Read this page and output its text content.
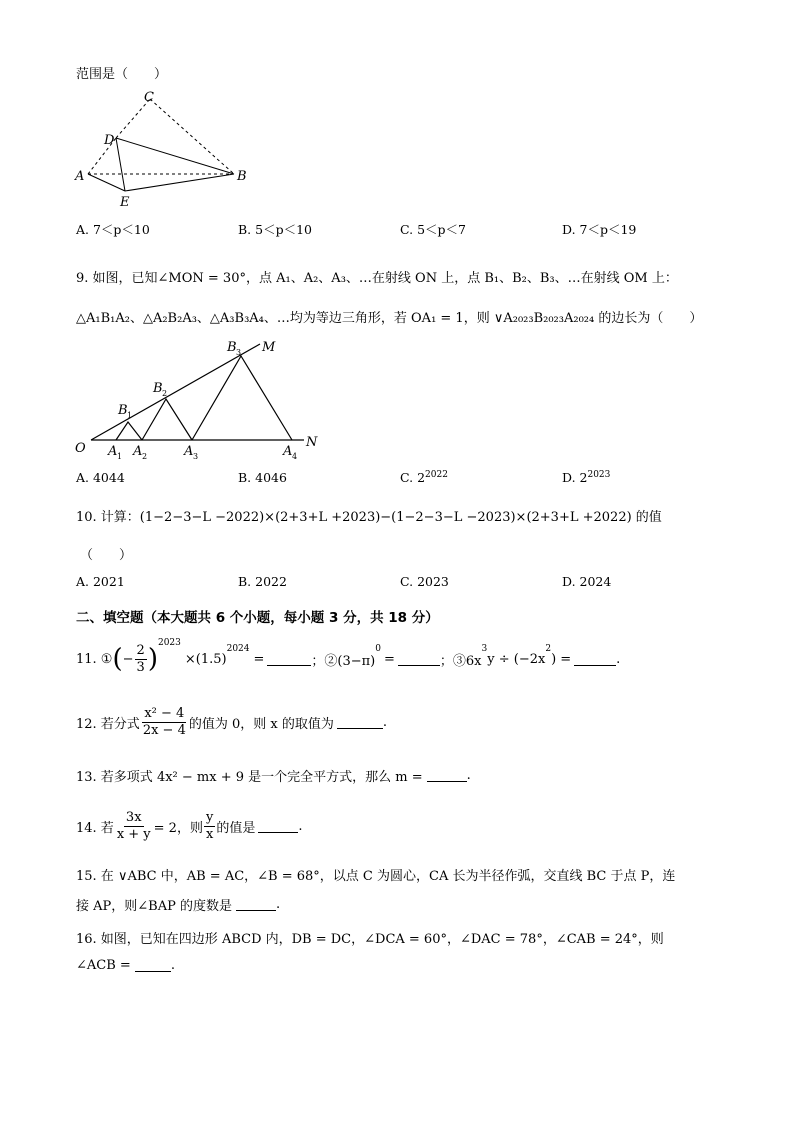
范围是（　　）
C
D
A
E
B
A. 7＜p＜10	B. 5＜p＜10	C. 5＜p＜7	D. 7＜p＜19
9. 如图，已知∠MON = 30°，点 A₁、A₂、A₃、…在射线 ON 上，点 B₁、B₂、B₃、…在射线 OM 上：
△A₁B₁A₂、△A₂B₂A₃、△A₃B₃A₄、…均为等边三角形，若 OA₁ = 1，则 ∨A₂₀₂₃B₂₀₂₃A₂₀₂₄ 的边长为（　　）
B 3 M
B 2
B 1
O	N
A 1 A 2	A 3	A 4
A. 4044	B. 4046	C. $2^{2022}$	D. $2^{2023}$
10. 计算：(1−2−3−L −2022)×(2+3+L +2023)−(1−2−3−L −2023)×(2+3+L +2022) 的值
（　　）
A. 2021	B. 2022	C. 2023	D. 2024
二、填空题（本大题共 6 个小题，每小题 3 分，共 18 分）
11. ① ( − $\frac{2}{3}$ )
$^{2023}$
×(1.5)
$^{2024}$
=	；②(3−π)
$^0$
=	；③6x
$^3$
y ÷ (−2x
$^2$
) =	.
12. 若分式 $\frac{\text{x² − 4}}{2x - 4}$ 的值为 0，则 x 的取值为	.
13. 若多项式 4x² − mx + 9 是一个完全平方式，那么 m =	.
14. 若 $\frac{3x}{x + y} = 2$，则 $\frac{y}{x}$ 的值是	.
15. 在 ∨ABC 中，AB = AC，∠B = 68°，以点 C 为圆心，CA 长为半径作弧，交直线 BC 于点 P，连
接 AP，则∠BAP 的度数是	.
16. 如图，已知在四边形 ABCD 内，DB = DC，∠DCA = 60°，∠DAC = 78°，∠CAB = 24°，则
∠ACB =	.
